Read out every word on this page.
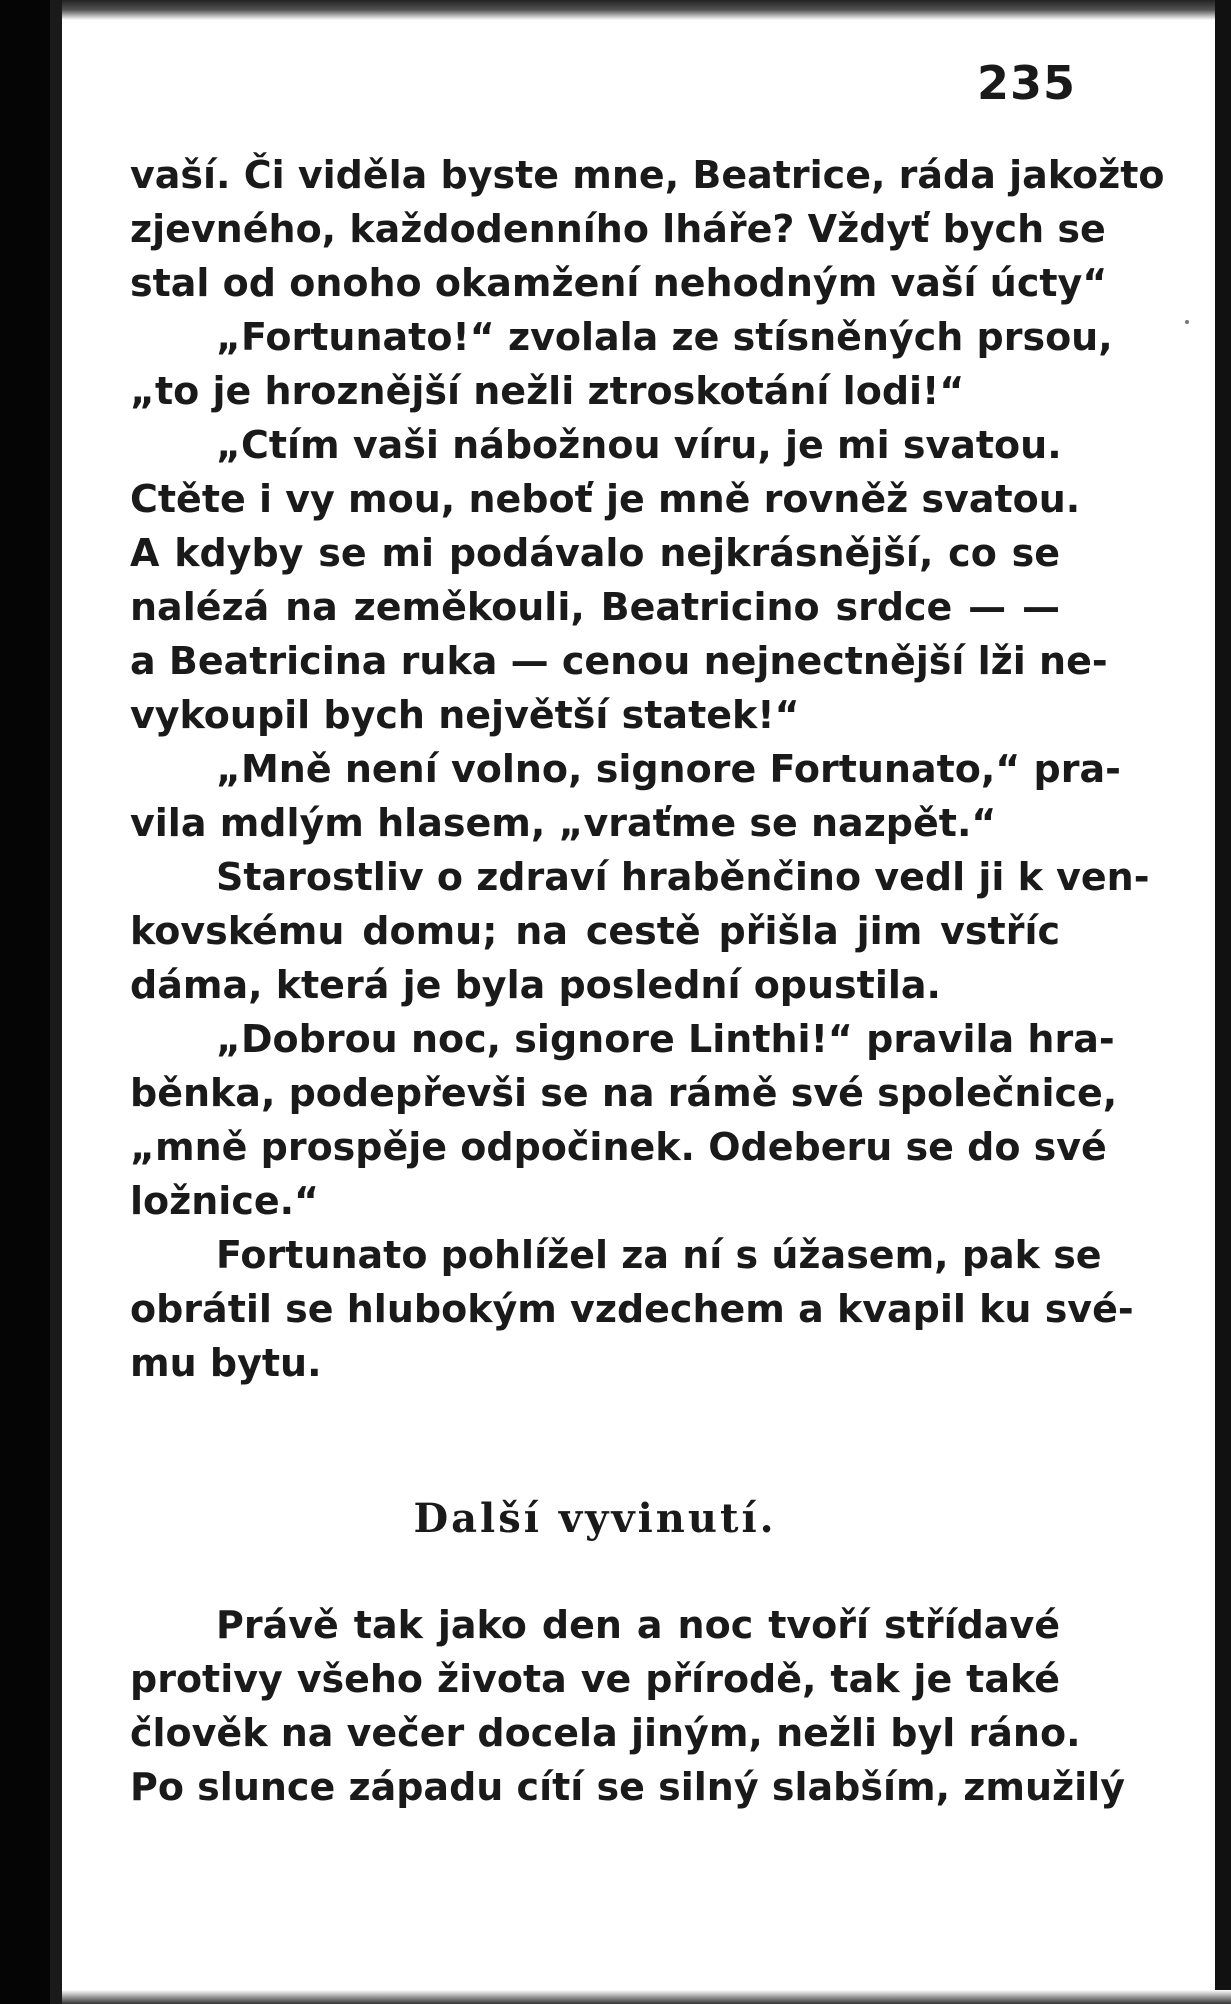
235
vaší. Či viděla byste mne, Beatrice, ráda jakožto
zjevného, každodenního lháře? Vždyť bych se
stal od onoho okamžení nehodným vaší úcty“
„Fortunato!“ zvolala ze stísněných prsou,
„to je hroznější nežli ztroskotání lodi!“
„Ctím vaši nábožnou víru, je mi svatou.
Ctěte i vy mou, neboť je mně rovněž svatou.
A kdyby se mi podávalo nejkrásnější, co se
nalézá na zeměkouli, Beatricino srdce — —
a Beatricina ruka — cenou nejnectnější lži ne-
vykoupil bych největší statek!“
„Mně není volno, signore Fortunato,“ pra-
vila mdlým hlasem, „vraťme se nazpět.“
Starostliv o zdraví hraběnčino vedl ji k ven-
kovskému domu; na cestě přišla jim vstříc
dáma, která je byla poslední opustila.
„Dobrou noc, signore Linthi!“ pravila hra-
běnka, podepřevši se na rámě své společnice,
„mně prospěje odpočinek. Odeberu se do své
ložnice.“
Fortunato pohlížel za ní s úžasem, pak se
obrátil se hlubokým vzdechem a kvapil ku své-
mu bytu.
Další vyvinutí.
Právě tak jako den a noc tvoří střídavé
protivy všeho života ve přírodě, tak je také
člověk na večer docela jiným, nežli byl ráno.
Po slunce západu cítí se silný slabším, zmužilý
